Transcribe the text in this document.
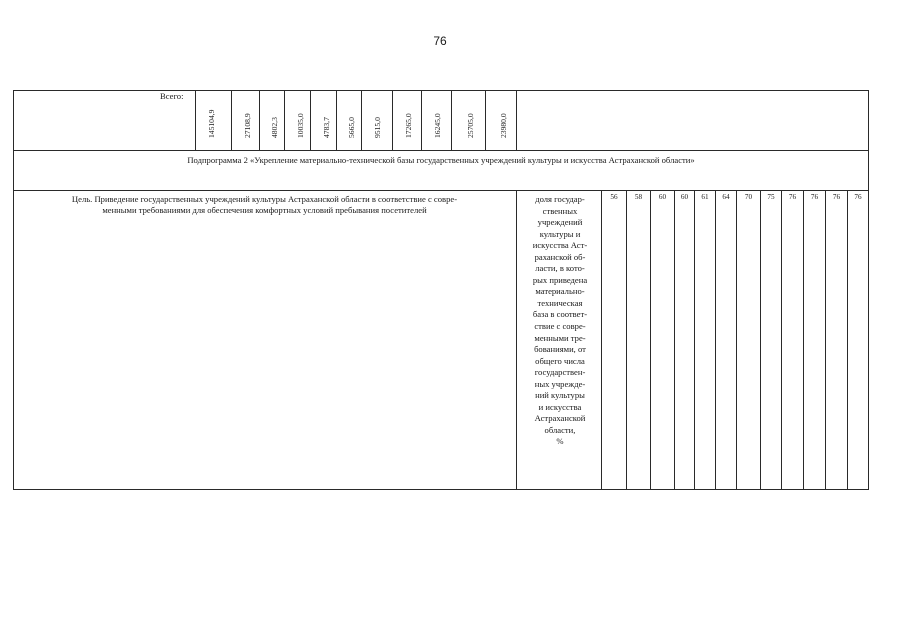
76
Всего:
145104,9	27108,9 4802,3 10035,0 4783,7 5665,0 9515,0	17265,0	16245,0	25705,0	23980,0
Подпрограмма 2 «Укрепление материально-технической базы государственных учреждений культуры и искусства Астраханской области»
Цель. Приведение государственных учреждений культуры Астраханской области в соответствие с совре-
менными требованиями для обеспечения комфортных условий пребывания посетителей
доля государ-
ственных
учреждений
культуры и
искусства Аст-
раханской об-
ласти, в кото-
рых приведена
материально-
техническая
база в соответ-
ствие с совре-
менными тре-
бованиями, от
общего числа
государствен-
ных учрежде-
ний культуры
и искусства
Астраханской
области,
%
56	58	60	60	61	64	70	75	76	76	76	76
